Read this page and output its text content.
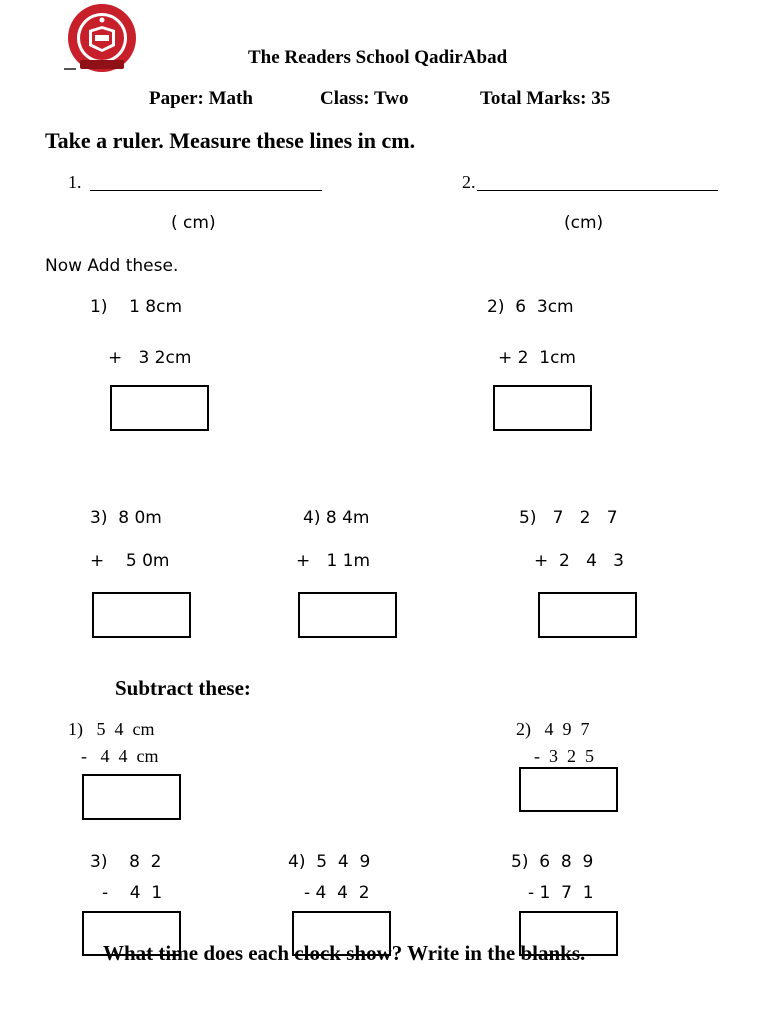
The Readers School QadirAbad
Paper: Math	Class: Two	Total Marks: 35
Take a ruler. Measure these lines in cm.
1.
( cm)
2.
(cm)
Now Add these.
1)    1 8cm
+   3 2cm
2)  6  3cm
+ 2  1cm
3)  8 0m
+    5 0m
4) 8 4m
+   1 1m
5)   7   2   7
+  2   4   3
Subtract these:
1)   5  4  cm
-   4  4  cm
2)   4  9  7
-  3  2  5
3)    8  2
-    4  1
4)  5  4  9
- 4  4  2
5)  6  8  9
- 1  7  1
What time does each clock show? Write in the blanks.
